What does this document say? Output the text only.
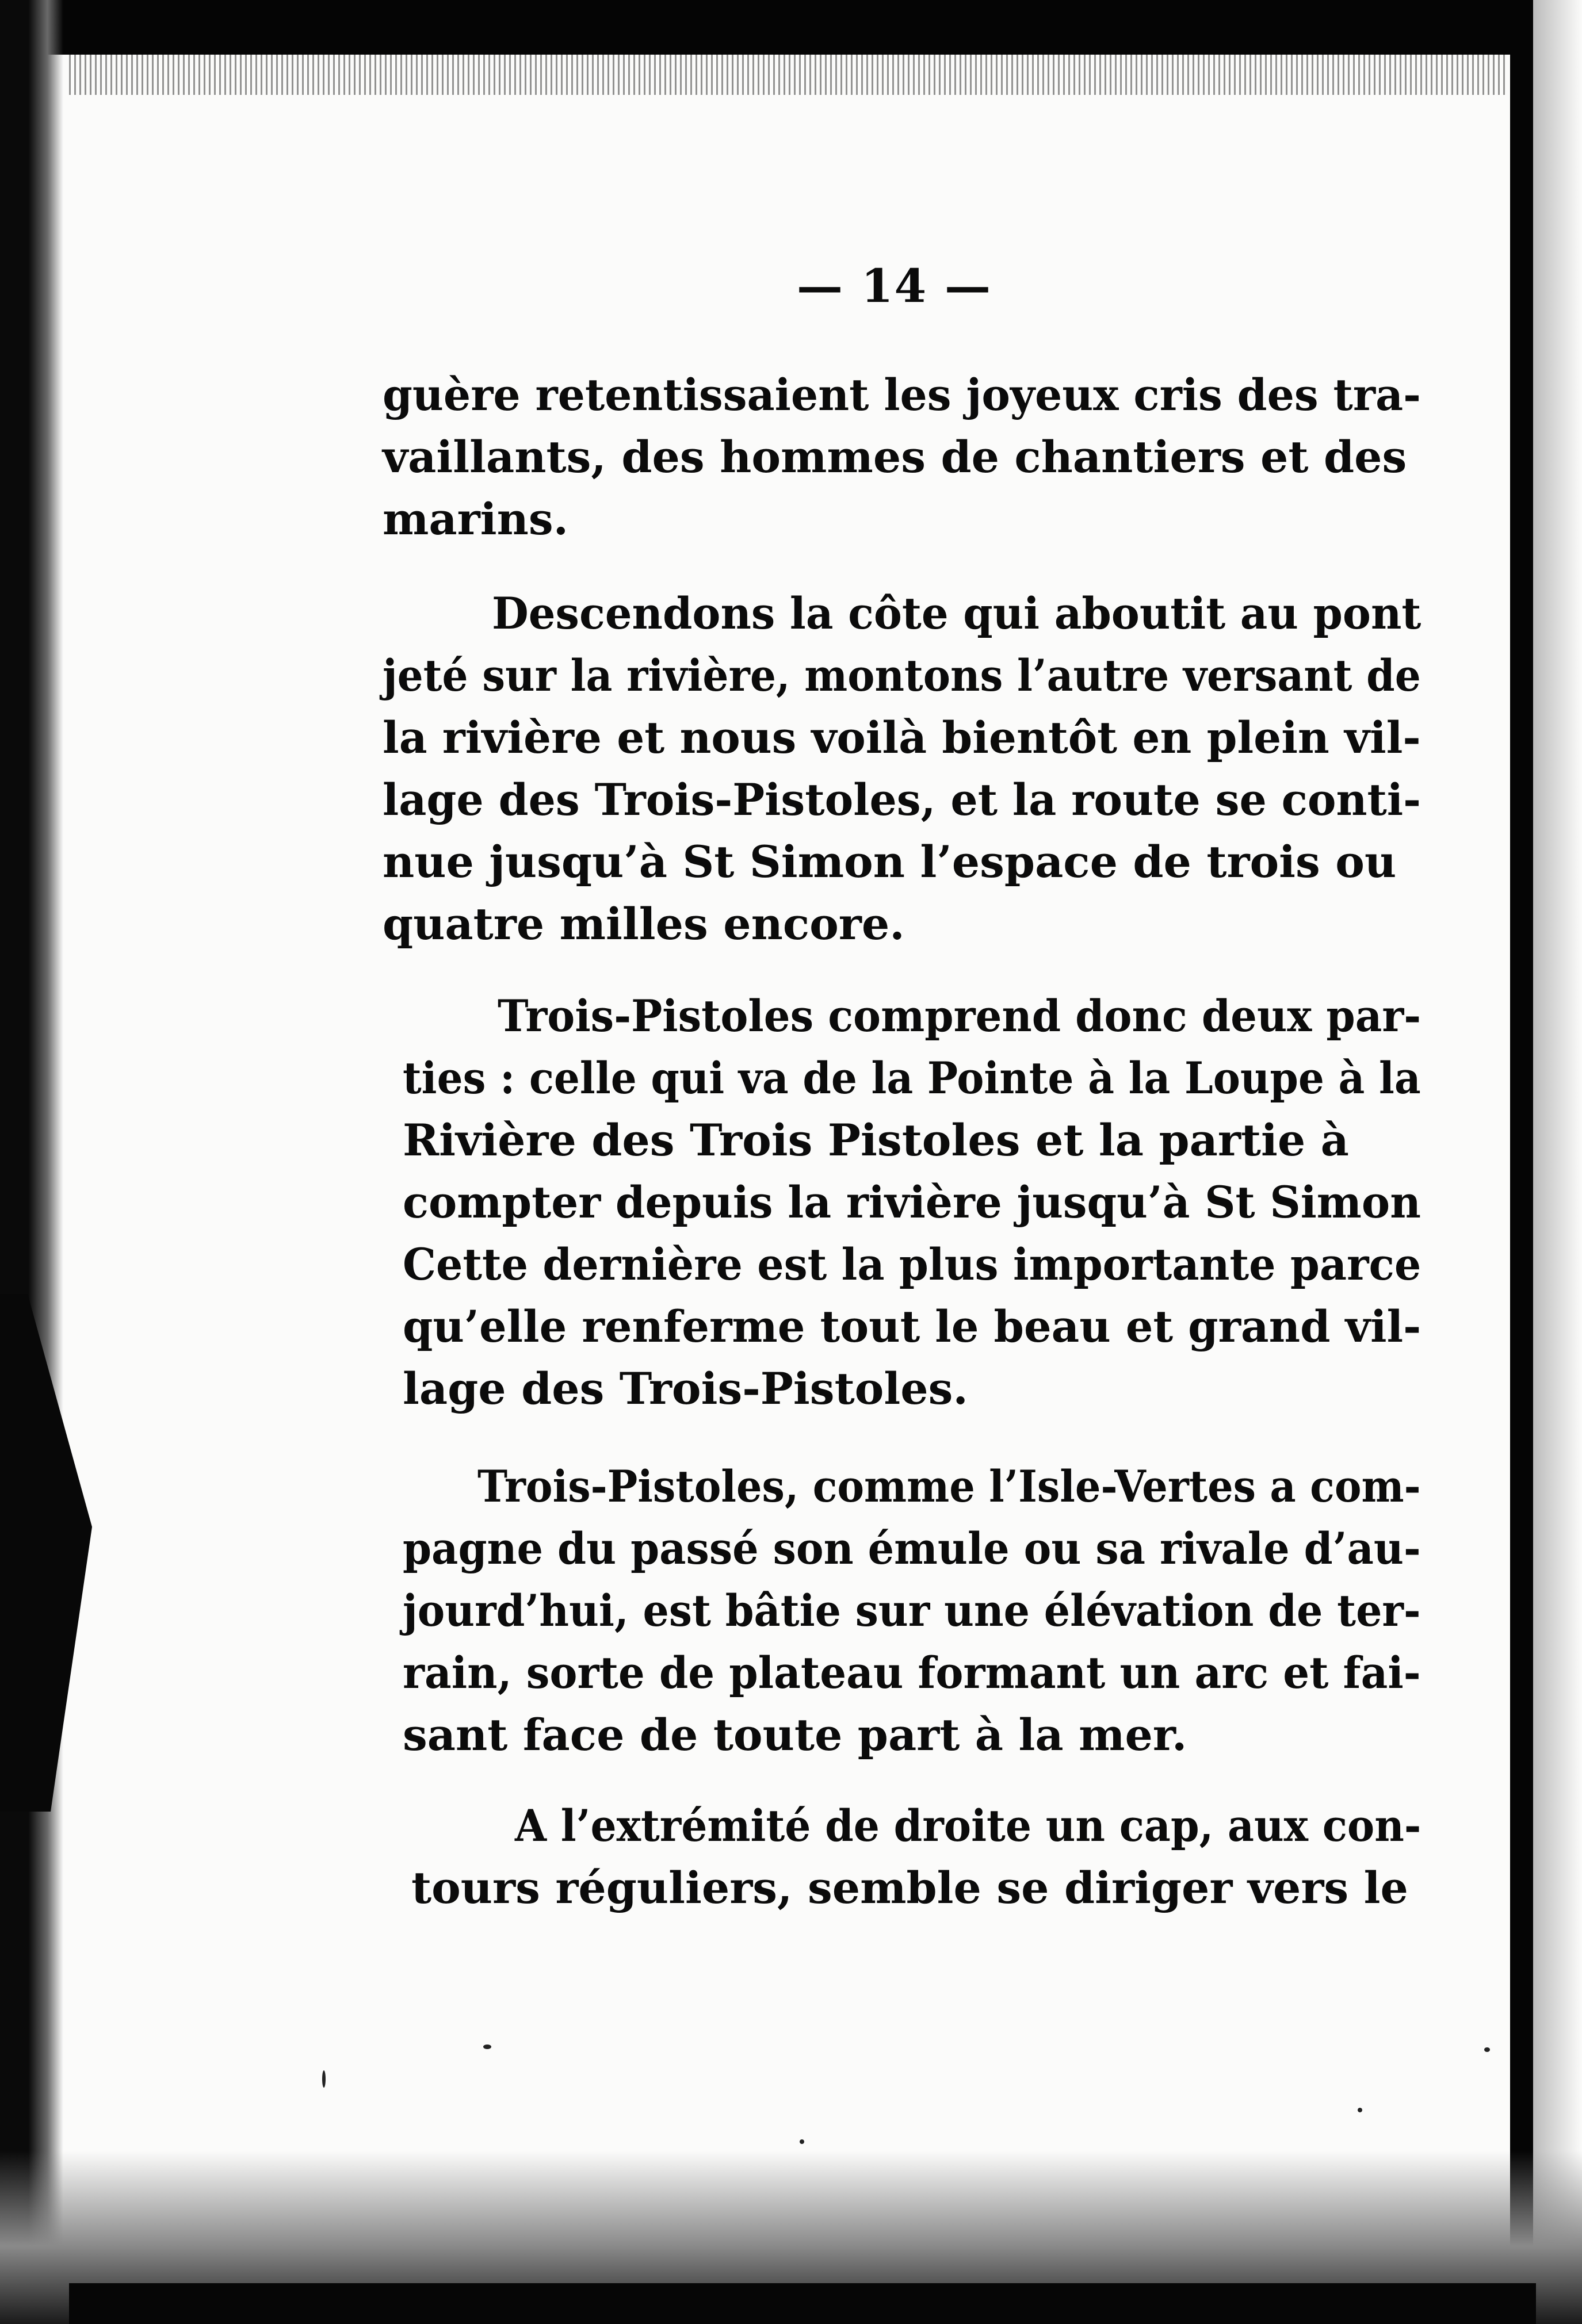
— 14 —
guère retentissaient les joyeux cris des tra-
vaillants, des hommes de chantiers et des
marins.
Descendons la côte qui aboutit au pont
jeté sur la rivière, montons l’autre versant de
la rivière et nous voilà bientôt en plein vil-
lage des Trois-Pistoles, et la route se conti-
nue jusqu’à St Simon l’espace de trois ou
quatre milles encore.
Trois-Pistoles comprend donc deux par-
ties : celle qui va de la Pointe à la Loupe à la
Rivière des Trois Pistoles et la partie à
compter depuis la rivière jusqu’à St Simon
Cette dernière est la plus importante parce
qu’elle renferme tout le beau et grand vil-
lage des Trois-Pistoles.
Trois-Pistoles, comme l’Isle-Vertes a com-
pagne du passé son émule ou sa rivale d’au-
jourd’hui, est bâtie sur une élévation de ter-
rain, sorte de plateau formant un arc et fai-
sant face de toute part à la mer.
A l’extrémité de droite un cap, aux con-
tours réguliers, semble se diriger vers le
